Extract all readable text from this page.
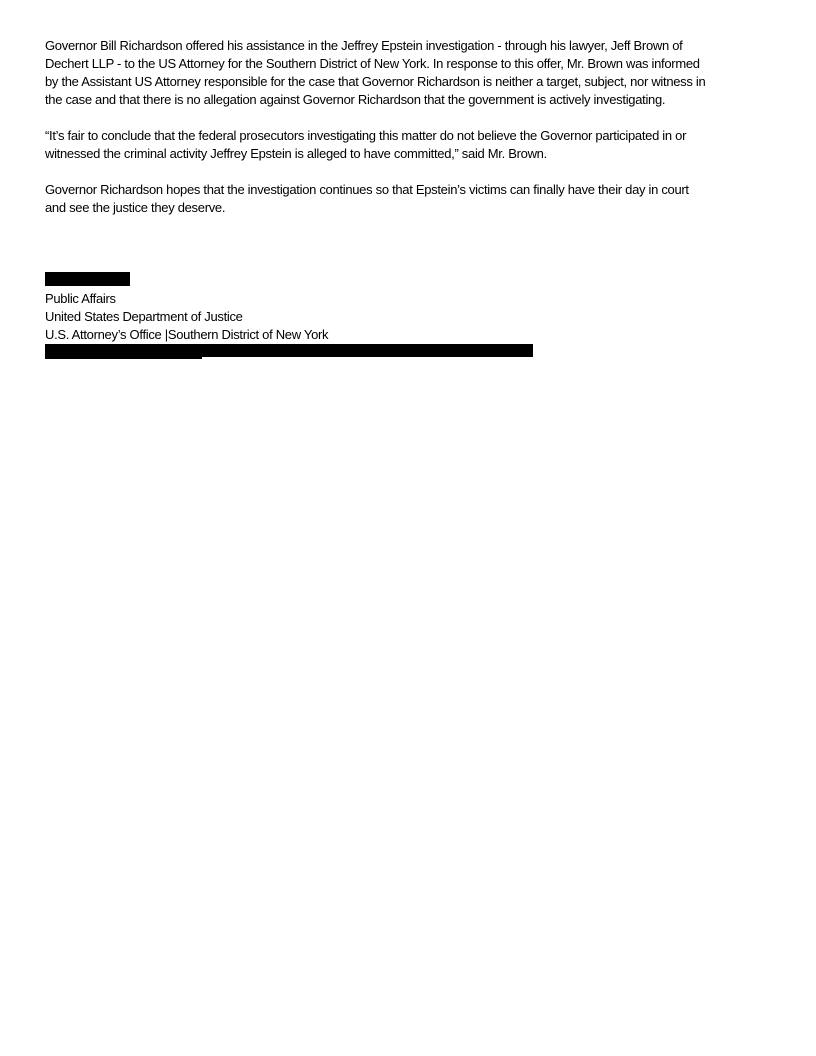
Governor Bill Richardson offered his assistance in the Jeffrey Epstein investigation - through his lawyer, Jeff Brown of
Dechert LLP - to the US Attorney for the Southern District of New York. In response to this offer, Mr. Brown was informed
by the Assistant US Attorney responsible for the case that Governor Richardson is neither a target, subject, nor witness in
the case and that there is no allegation against Governor Richardson that the government is actively investigating.
“It’s fair to conclude that the federal prosecutors investigating this matter do not believe the Governor participated in or
witnessed the criminal activity Jeffrey Epstein is alleged to have committed,” said Mr. Brown.
Governor Richardson hopes that the investigation continues so that Epstein’s victims can finally have their day in court
and see the justice they deserve.
Public Affairs
United States Department of Justice
U.S. Attorney’s Office |Southern District of New York
